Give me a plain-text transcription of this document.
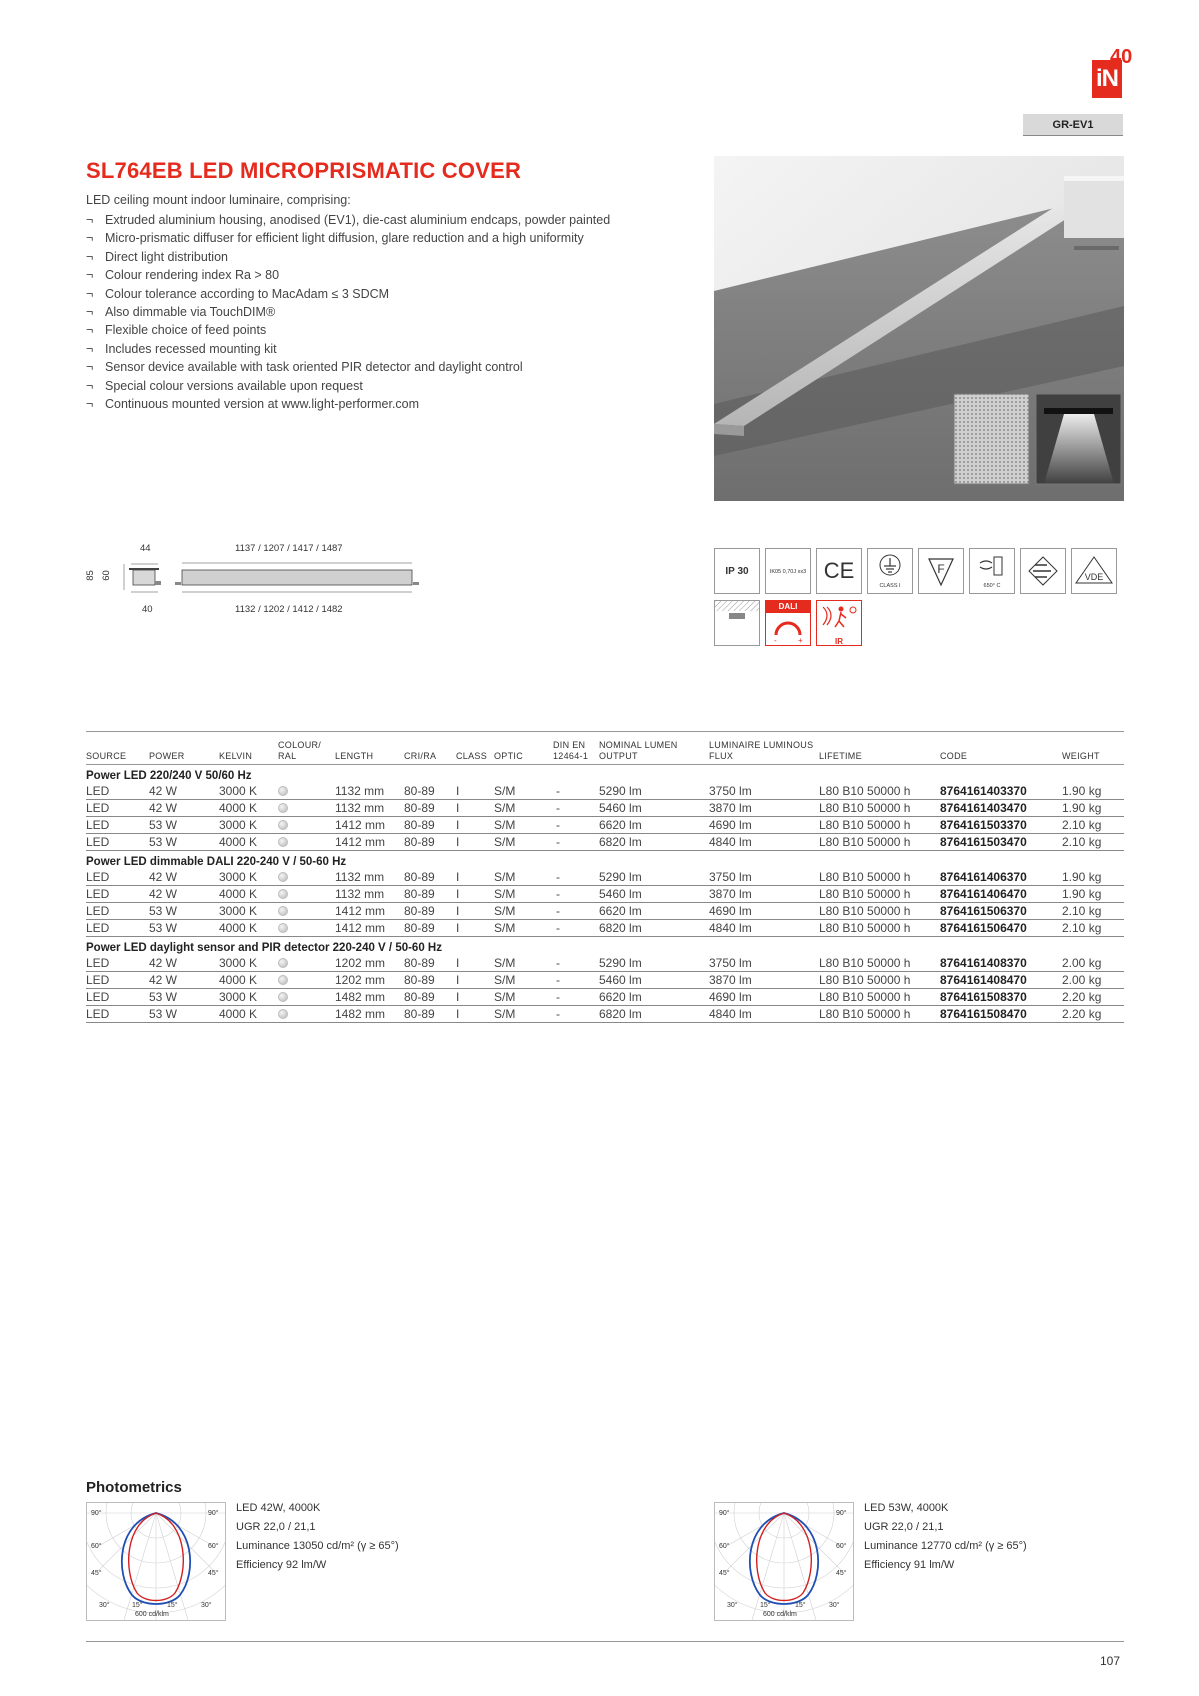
iN
40
GR-EV1
SL764EB LED MICROPRISMATIC COVER
LED ceiling mount indoor luminaire, comprising:
¬ Extruded aluminium housing, anodised (EV1), die-cast aluminium endcaps, powder painted
¬ Micro-prismatic diffuser for efficient light diffusion, glare reduction and a high uniformity
¬ Direct light distribution
¬ Colour rendering index Ra > 80
¬ Colour tolerance according to MacAdam ≤ 3 SDCM
¬ Also dimmable via TouchDIM®
¬ Flexible choice of feed points
¬ Includes recessed mounting kit
¬ Sensor device available with task oriented PIR detector and daylight control
¬ Special colour versions available upon request
¬ Continuous mounted version at www.light-performer.com
44	1137 / 1207 / 1417 / 1487
85 60
40	1132 / 1202 / 1412 / 1482
IP 30	IK05 0,70J xx3 CE
CLASS I
F
650° C
VDE
DALI
-	+	IR
SOURCE	POWER	KELVIN
COLOUR/
RAL	LENGTH	CRI/RA CLASS OPTIC
DIN EN
12464-1
NOMINAL LUMEN
OUTPUT
LUMINAIRE LUMINOUS
FLUX	LIFETIME	CODE	WEIGHT
Power LED 220/240 V 50/60 Hz
LED	42 W	3000 K	1132 mm 80-89 I	S/M	-	5290 lm	3750 lm	L80 B10 50000 h 8764161403370	1.90 kg
LED	42 W	4000 K	1132 mm 80-89 I	S/M	-	5460 lm	3870 lm	L80 B10 50000 h 8764161403470	1.90 kg
LED	53 W	3000 K	1412 mm 80-89 I	S/M	-	6620 lm	4690 lm	L80 B10 50000 h 8764161503370	2.10 kg
LED	53 W	4000 K	1412 mm 80-89 I	S/M	-	6820 lm	4840 lm	L80 B10 50000 h 8764161503470	2.10 kg
Power LED dimmable DALI 220-240 V / 50-60 Hz
LED	42 W	3000 K	1132 mm 80-89 I	S/M	-	5290 lm	3750 lm	L80 B10 50000 h 8764161406370	1.90 kg
LED	42 W	4000 K	1132 mm 80-89 I	S/M	-	5460 lm	3870 lm	L80 B10 50000 h 8764161406470	1.90 kg
LED	53 W	3000 K	1412 mm 80-89 I	S/M	-	6620 lm	4690 lm	L80 B10 50000 h 8764161506370	2.10 kg
LED	53 W	4000 K	1412 mm 80-89 I	S/M	-	6820 lm	4840 lm	L80 B10 50000 h 8764161506470	2.10 kg
Power LED daylight sensor and PIR detector 220-240 V / 50-60 Hz
LED	42 W	3000 K	1202 mm 80-89 I	S/M	-	5290 lm	3750 lm	L80 B10 50000 h 8764161408370	2.00 kg
LED	42 W	4000 K	1202 mm 80-89 I	S/M	-	5460 lm	3870 lm	L80 B10 50000 h 8764161408470	2.00 kg
LED	53 W	3000 K	1482 mm 80-89 I	S/M	-	6620 lm	4690 lm	L80 B10 50000 h 8764161508370	2.20 kg
LED	53 W	4000 K	1482 mm 80-89 I	S/M	-	6820 lm	4840 lm	L80 B10 50000 h 8764161508470	2.20 kg
Photometrics
90°	90°
60°	60°
45°	45°
30°	30°
15°	15°
600 cd/klm
LED 42W, 4000K
UGR 22,0 / 21,1
Luminance 13050 cd/m² (γ ≥ 65°)
Efficiency 92 lm/W
90°	90°
60°	60°
45°	45°
30°	30°
15°	15°
600 cd/klm
LED 53W, 4000K
UGR 22,0 / 21,1
Luminance 12770 cd/m² (γ ≥ 65°)
Efficiency 91 lm/W
107
